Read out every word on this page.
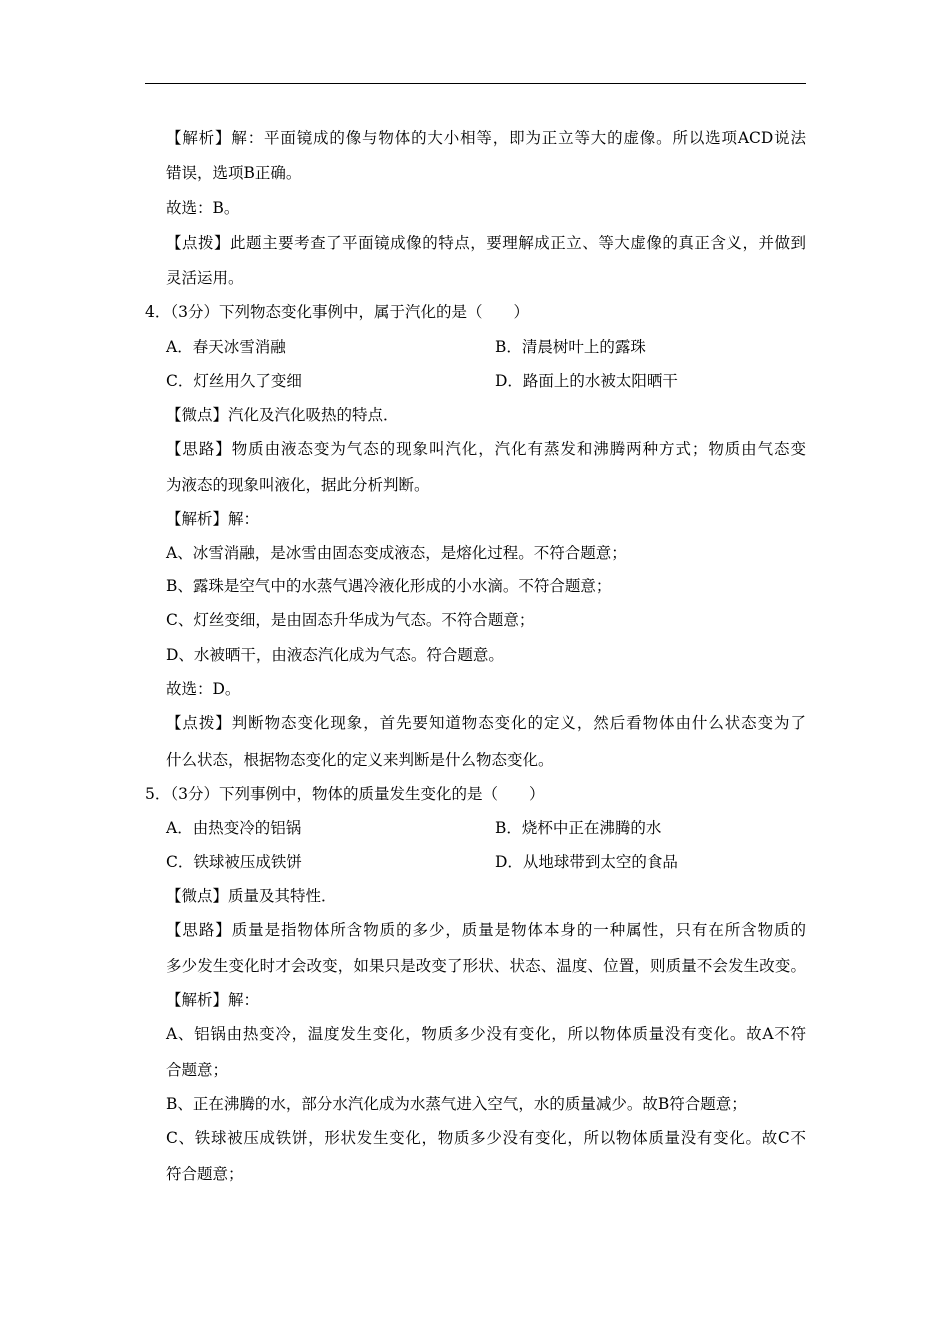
【解析】解：平面镜成的像与物体的大小相等，即为正立等大的虚像。所以选项ACD说法
错误，选项B正确。
故选：B。
【点拨】此题主要考查了平面镜成像的特点，要理解成正立、等大虚像的真正含义，并做到
灵活运用。
4．（3分）下列物态变化事例中，属于汽化的是（　　）
A．春天冰雪消融	B．清晨树叶上的露珠
C．灯丝用久了变细	D．路面上的水被太阳晒干
【微点】汽化及汽化吸热的特点．
【思路】物质由液态变为气态的现象叫汽化，汽化有蒸发和沸腾两种方式；物质由气态变
为液态的现象叫液化，据此分析判断。
【解析】解：
A、冰雪消融，是冰雪由固态变成液态，是熔化过程。不符合题意；
B、露珠是空气中的水蒸气遇冷液化形成的小水滴。不符合题意；
C、灯丝变细，是由固态升华成为气态。不符合题意；
D、水被晒干，由液态汽化成为气态。符合题意。
故选：D。
【点拨】判断物态变化现象，首先要知道物态变化的定义，然后看物体由什么状态变为了
什么状态，根据物态变化的定义来判断是什么物态变化。
5．（3分）下列事例中，物体的质量发生变化的是（　　）
A．由热变冷的铝锅	B．烧杯中正在沸腾的水
C．铁球被压成铁饼	D．从地球带到太空的食品
【微点】质量及其特性．
【思路】质量是指物体所含物质的多少，质量是物体本身的一种属性，只有在所含物质的
多少发生变化时才会改变，如果只是改变了形状、状态、温度、位置，则质量不会发生改变。
【解析】解：
A、铝锅由热变冷，温度发生变化，物质多少没有变化，所以物体质量没有变化。故A不符
合题意；
B、正在沸腾的水，部分水汽化成为水蒸气进入空气，水的质量减少。故B符合题意；
C、铁球被压成铁饼，形状发生变化，物质多少没有变化，所以物体质量没有变化。故C不
符合题意；
